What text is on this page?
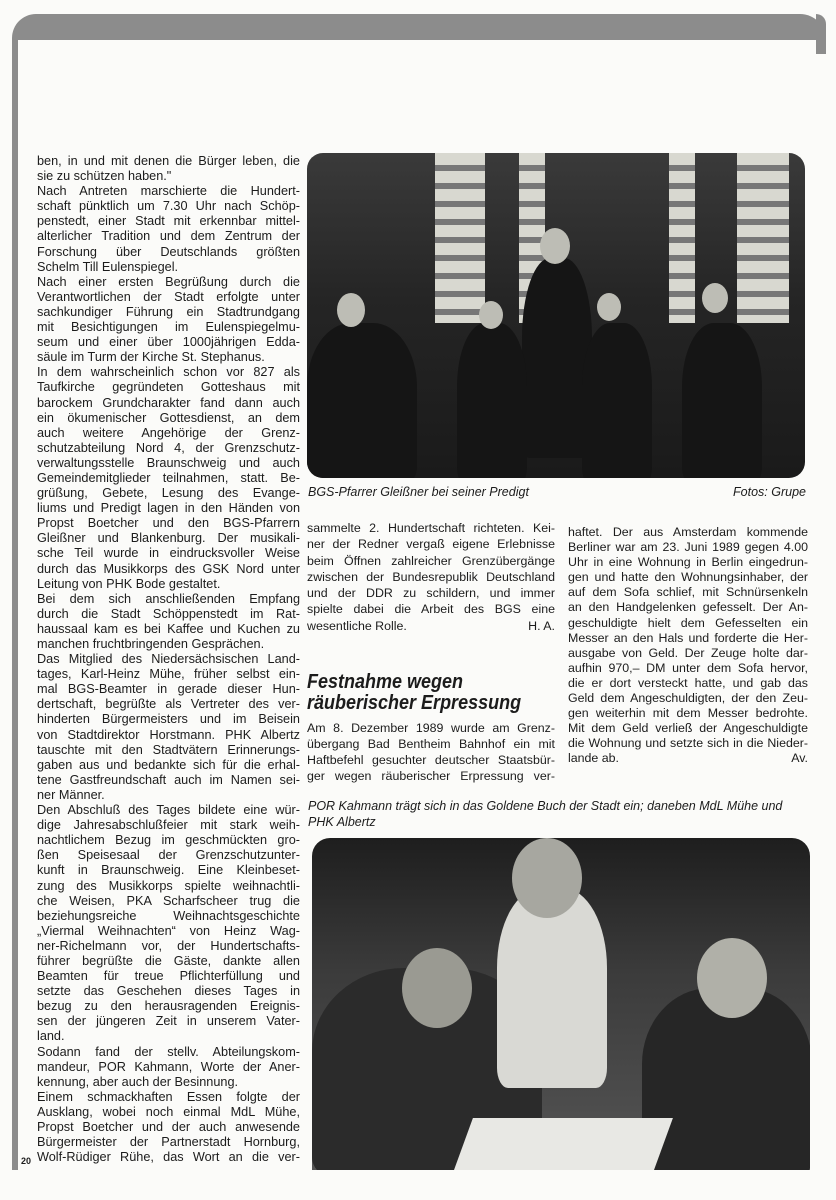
ben, in und mit denen die Bürger leben, die
sie zu schützen haben."
Nach Antreten marschierte die Hundert-
schaft pünktlich um 7.30 Uhr nach Schöp-
penstedt, einer Stadt mit erkennbar mittel-
alterlicher Tradition und dem Zentrum der
Forschung über Deutschlands größten
Schelm Till Eulenspiegel.
Nach einer ersten Begrüßung durch die
Verantwortlichen der Stadt erfolgte unter
sachkundiger Führung ein Stadtrundgang
mit Besichtigungen im Eulenspiegelmu-
seum und einer über 1000jährigen Edda-
säule im Turm der Kirche St. Stephanus.
In dem wahrscheinlich schon vor 827 als
Taufkirche gegründeten Gotteshaus mit
barockem Grundcharakter fand dann auch
ein ökumenischer Gottesdienst, an dem
auch weitere Angehörige der Grenz-
schutzabteilung Nord 4, der Grenzschutz-
verwaltungsstelle Braunschweig und auch
Gemeindemitglieder teilnahmen, statt. Be-
grüßung, Gebete, Lesung des Evange-
liums und Predigt lagen in den Händen von
Propst Boetcher und den BGS-Pfarrern
Gleißner und Blankenburg. Der musikali-
sche Teil wurde in eindrucksvoller Weise
durch das Musikkorps des GSK Nord unter
Leitung von PHK Bode gestaltet.
Bei dem sich anschließenden Empfang
durch die Stadt Schöppenstedt im Rat-
haussaal kam es bei Kaffee und Kuchen zu
manchen fruchtbringenden Gesprächen.
Das Mitglied des Niedersächsischen Land-
tages, Karl-Heinz Mühe, früher selbst ein-
mal BGS-Beamter in gerade dieser Hun-
dertschaft, begrüßte als Vertreter des ver-
hinderten Bürgermeisters und im Beisein
von Stadtdirektor Horstmann. PHK Albertz
tauschte mit den Stadtvätern Erinnerungs-
gaben aus und bedankte sich für die erhal-
tene Gastfreundschaft auch im Namen sei-
ner Männer.
Den Abschluß des Tages bildete eine wür-
dige Jahresabschlußfeier mit stark weih-
nachtlichem Bezug im geschmückten gro-
ßen Speisesaal der Grenzschutzunter-
kunft in Braunschweig. Eine Kleinbeset-
zung des Musikkorps spielte weihnachtli-
che Weisen, PKA Scharfscheer trug die
beziehungsreiche Weihnachtsgeschichte
„Viermal Weihnachten“ von Heinz Wag-
ner-Richelmann vor, der Hundertschafts-
führer begrüßte die Gäste, dankte allen
Beamten für treue Pflichterfüllung und
setzte das Geschehen dieses Tages in
bezug zu den herausragenden Ereignis-
sen der jüngeren Zeit in unserem Vater-
land.
Sodann fand der stellv. Abteilungskom-
mandeur, POR Kahmann, Worte der Aner-
kennung, aber auch der Besinnung.
Einem schmackhaften Essen folgte der
Ausklang, wobei noch einmal MdL Mühe,
Propst Boetcher und der auch anwesende
Bürgermeister der Partnerstadt Hornburg,
Wolf-Rüdiger Rühe, das Wort an die ver-
BGS-Pfarrer Gleißner bei seiner Predigt	Fotos: Grupe
sammelte 2. Hundertschaft richteten. Kei-
ner der Redner vergaß eigene Erlebnisse
beim Öffnen zahlreicher Grenzübergänge
zwischen der Bundesrepublik Deutschland
und der DDR zu schildern, und immer
spielte dabei die Arbeit des BGS eine
wesentliche Rolle.	H. A.
Festnahme wegen
räuberischer Erpressung
Am 8. Dezember 1989 wurde am Grenz-
übergang Bad Bentheim Bahnhof ein mit
Haftbefehl gesuchter deutscher Staatsbür-
ger wegen räuberischer Erpressung ver-
haftet. Der aus Amsterdam kommende
Berliner war am 23. Juni 1989 gegen 4.00
Uhr in eine Wohnung in Berlin eingedrun-
gen und hatte den Wohnungsinhaber, der
auf dem Sofa schlief, mit Schnürsenkeln
an den Handgelenken gefesselt. Der An-
geschuldigte hielt dem Gefesselten ein
Messer an den Hals und forderte die Her-
ausgabe von Geld. Der Zeuge holte dar-
aufhin 970,– DM unter dem Sofa hervor,
die er dort versteckt hatte, und gab das
Geld dem Angeschuldigten, der den Zeu-
gen weiterhin mit dem Messer bedrohte.
Mit dem Geld verließ der Angeschuldigte
die Wohnung und setzte sich in die Nieder-
lande ab.	Av.
POR Kahmann trägt sich in das Goldene Buch der Stadt ein; daneben MdL Mühe und
PHK Albertz
20
